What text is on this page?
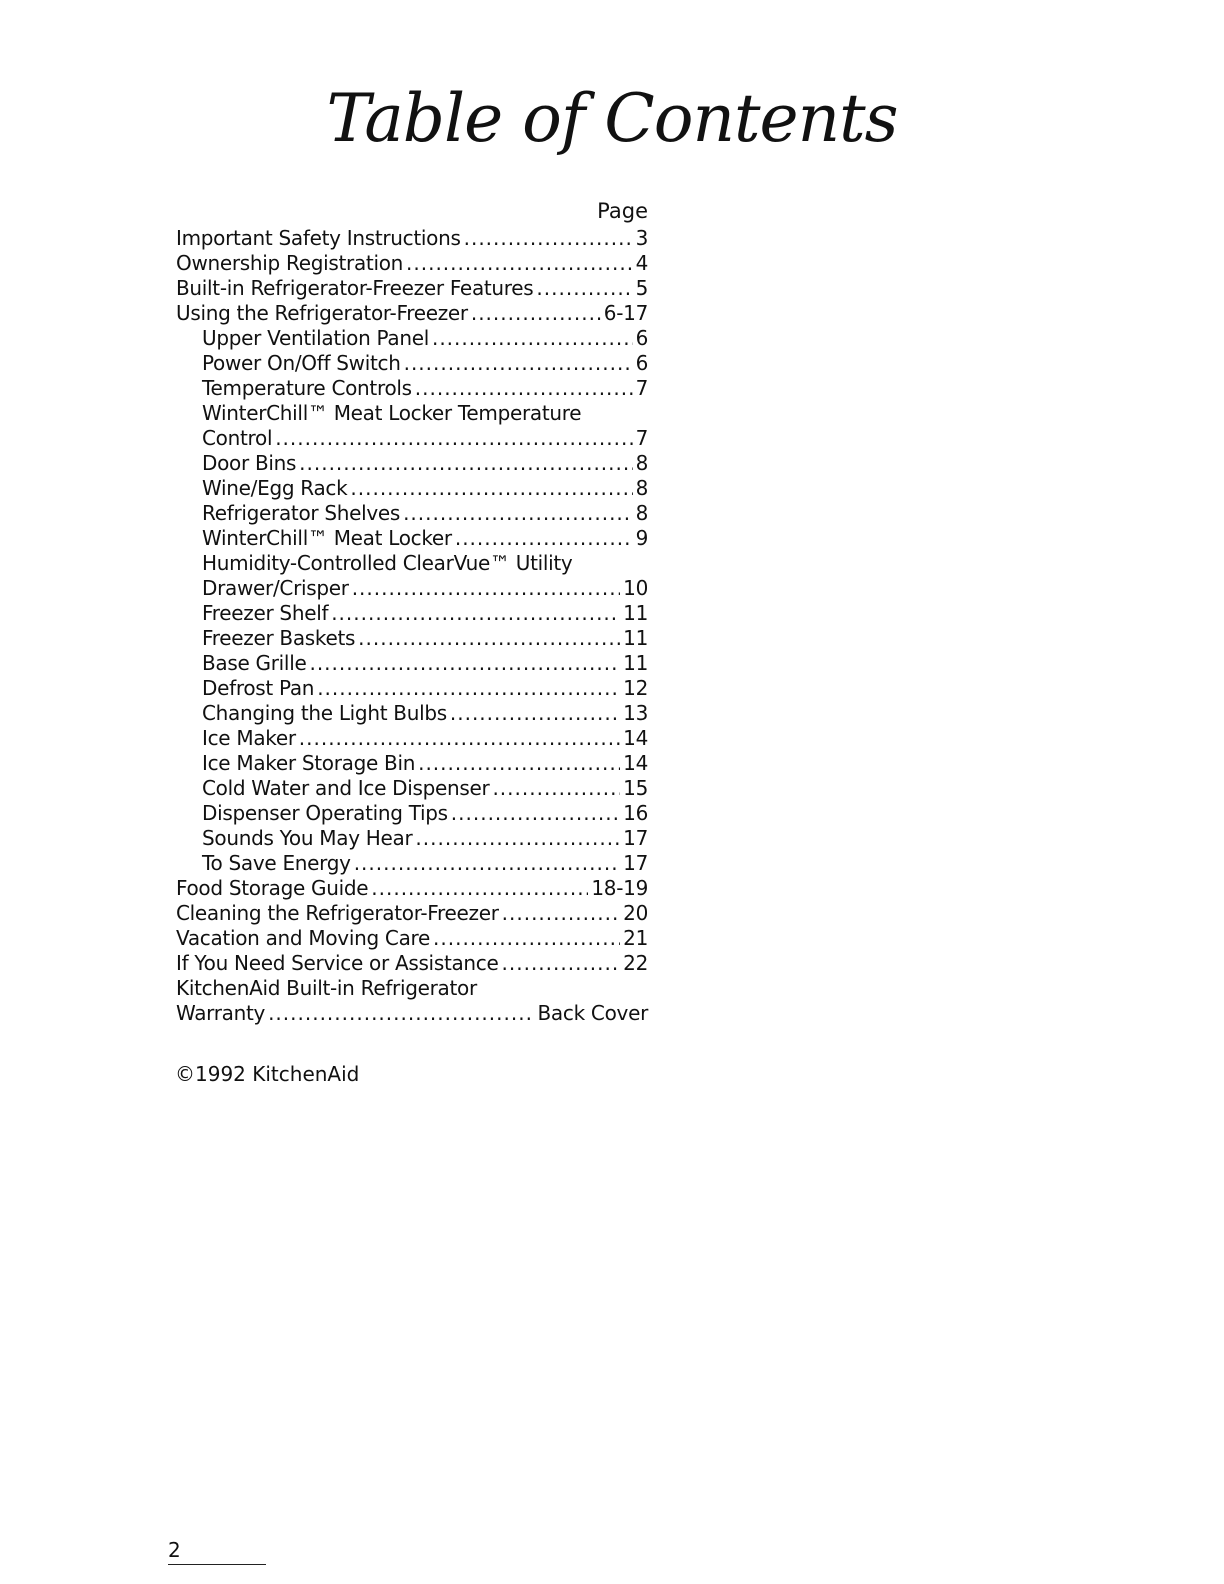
Table of Contents
Page
Important Safety Instructions .....	3
Ownership Registration .....	4
Built-in Refrigerator-Freezer Features .....	5
Using the Refrigerator-Freezer .....	6-17
Upper Ventilation Panel .....	6
Power On/Off Switch .....	6
Temperature Controls .....	7
WinterChill™ Meat Locker Temperature
Control .....	7
Door Bins .....	8
Wine/Egg Rack .....	8
Refrigerator Shelves .....	8
WinterChill™ Meat Locker .....	9
Humidity-Controlled ClearVue™ Utility
Drawer/Crisper .....	10
Freezer Shelf .....	11
Freezer Baskets .....	11
Base Grille .....	11
Defrost Pan .....	12
Changing the Light Bulbs .....	13
Ice Maker .....	14
Ice Maker Storage Bin .....	14
Cold Water and Ice Dispenser .....	15
Dispenser Operating Tips .....	16
Sounds You May Hear .....	17
To Save Energy .....	17
Food Storage Guide .....	18-19
Cleaning the Refrigerator-Freezer .....	20
Vacation and Moving Care .....	21
If You Need Service or Assistance .....	22
KitchenAid Built-in Refrigerator
Warranty .....	Back Cover
©1992 KitchenAid
2
